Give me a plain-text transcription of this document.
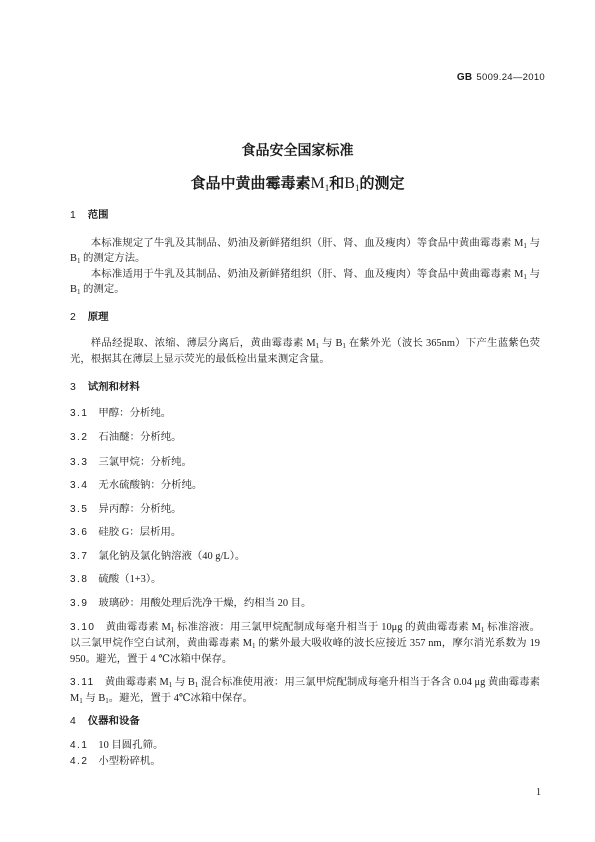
GB 5009.24—2010
食品安全国家标准
食品中黄曲霉毒素$M_1$和$B_1$的测定
1 范围
本标准规定了牛乳及其制品、奶油及新鲜猪组织（肝、肾、血及瘦肉）等食品中黄曲霉毒素 $M_1$ 与
$B_1$ 的测定方法。
本标准适用于牛乳及其制品、奶油及新鲜猪组织（肝、肾、血及瘦肉）等食品中黄曲霉毒素 $M_1$ 与
$B_1$ 的测定。
2 原理
样品经提取、浓缩、薄层分离后，黄曲霉毒素 $M_1$ 与 $B_1$ 在紫外光（波长 365nm）下产生蓝紫色荧
光，根据其在薄层上显示荧光的最低检出量来测定含量。
3 试剂和材料
3.1 甲醇：分析纯。
3.2 石油醚：分析纯。
3.3 三氯甲烷：分析纯。
3.4 无水硫酸钠：分析纯。
3.5 异丙醇：分析纯。
3.6 硅胶 G：层析用。
3.7 氯化钠及氯化钠溶液（40 g/L）。
3.8 硫酸（1+3）。
3.9 玻璃砂：用酸处理后洗净干燥，约相当 20 目。
3.10 黄曲霉毒素 $M_1$ 标准溶液：用三氯甲烷配制成每毫升相当于 10μg 的黄曲霉毒素 $M_1$ 标准溶液。
以三氯甲烷作空白试剂，黄曲霉毒素 $M_1$ 的紫外最大吸收峰的波长应接近 357 nm，摩尔消光系数为 19
950。避光，置于 4 ℃冰箱中保存。
3.11 黄曲霉毒素 $M_1$ 与 $B_1$ 混合标准使用液：用三氯甲烷配制成每毫升相当于各含 0.04 μg 黄曲霉毒素
$M_1$ 与 $B_1$。避光，置于 4℃冰箱中保存。
4 仪器和设备
4.1 10 目圆孔筛。
4.2 小型粉碎机。
1
